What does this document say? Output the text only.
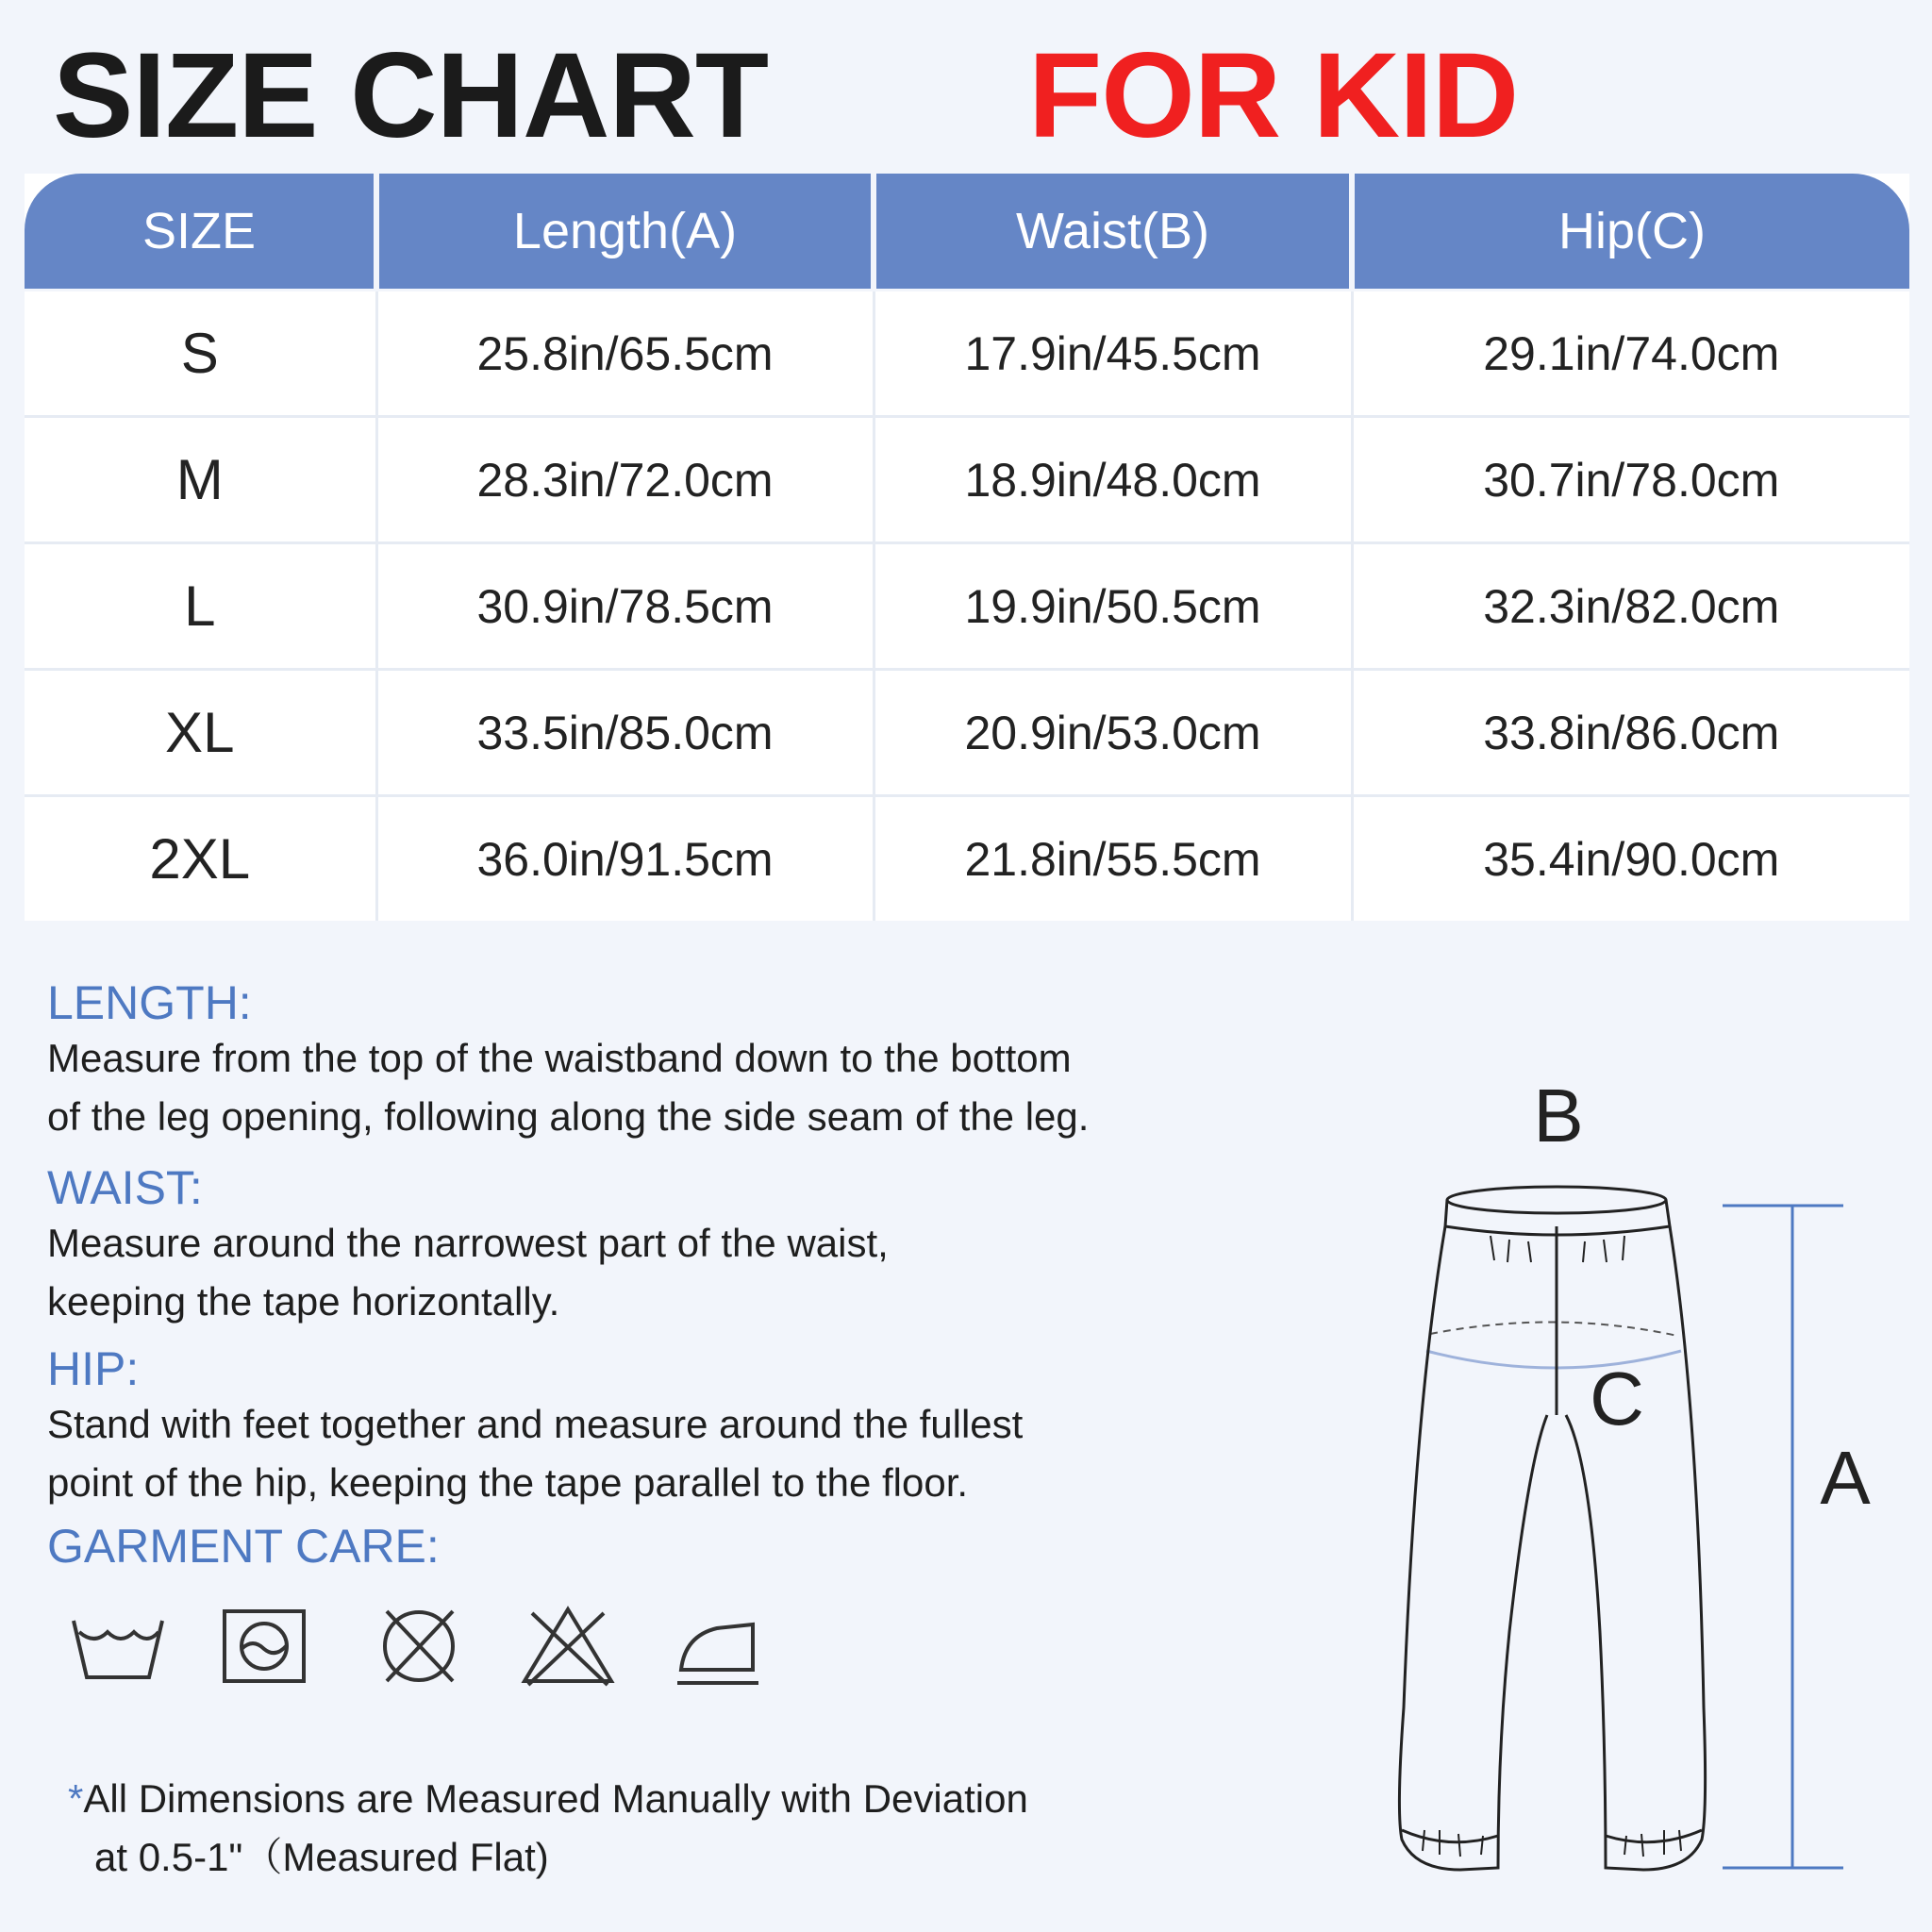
SIZE CHART FOR KID
SIZE	Length(A)	Waist(B)	Hip(C)
S	25.8in/65.5cm	17.9in/45.5cm	29.1in/74.0cm
M	28.3in/72.0cm	18.9in/48.0cm	30.7in/78.0cm
L	30.9in/78.5cm	19.9in/50.5cm	32.3in/82.0cm
XL	33.5in/85.0cm	20.9in/53.0cm	33.8in/86.0cm
2XL	36.0in/91.5cm	21.8in/55.5cm	35.4in/90.0cm

LENGTH:

Measure from the top of the waistband down to the bottom

of the leg opening, following along the side seam of the leg.

WAIST:

Measure around the narrowest part of the waist,

keeping the tape horizontally.

HIP:

Stand with feet together and measure around the fullest

point of the hip, keeping the tape parallel to the floor.

GARMENT CARE:

*All Dimensions are Measured Manually with Deviation
at 0.5-1"（Measured Flat)
B
C
A
